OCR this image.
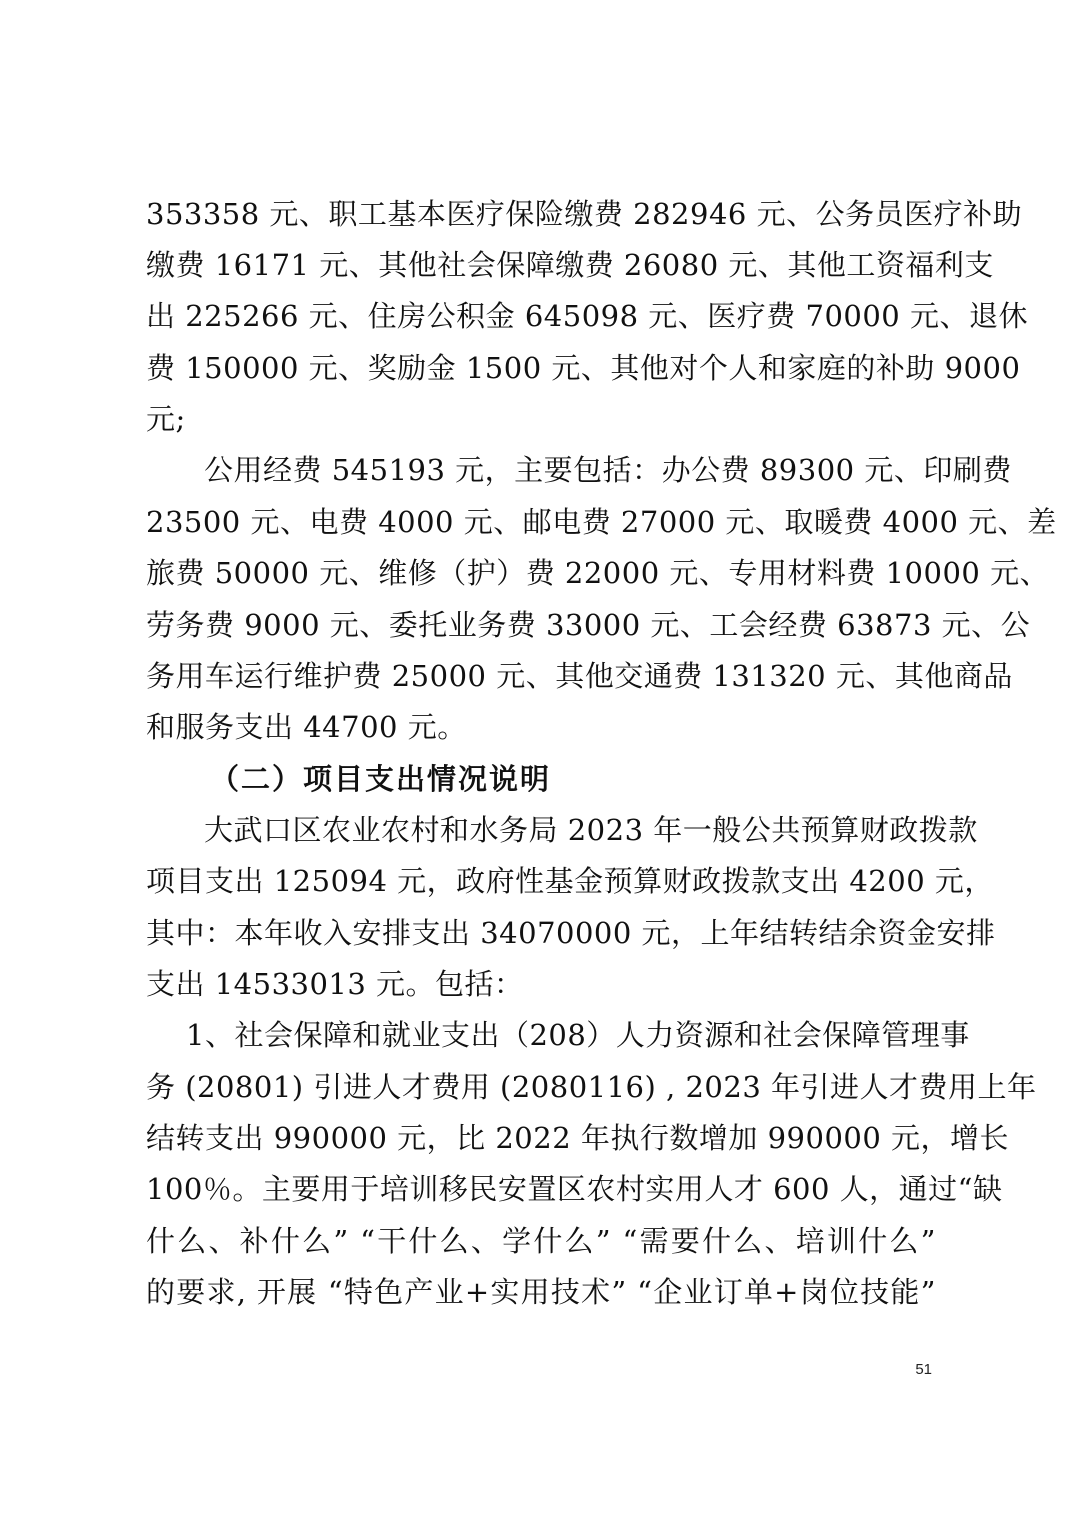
353358 元、职工基本医疗保险缴费 282946 元、公务员医疗补助
缴费 16171 元、其他社会保障缴费 26080 元、其他工资福利支
出 225266 元、住房公积金 645098 元、医疗费 70000 元、退休
费 150000 元、奖励金 1500 元、其他对个人和家庭的补助 9000
元;
公用经费 545193 元，主要包括：办公费 89300 元、印刷费
23500 元、电费 4000 元、邮电费 27000 元、取暖费 4000 元、差
旅费 50000 元、维修（护）费 22000 元、专用材料费 10000 元、
劳务费 9000 元、委托业务费 33000 元、工会经费 63873 元、公
务用车运行维护费 25000 元、其他交通费 131320 元、其他商品
和服务支出 44700 元。
（二）项目支出情况说明
大武口区农业农村和水务局 2023 年一般公共预算财政拨款
项目支出 125094 元，政府性基金预算财政拨款支出 4200 元，
其中：本年收入安排支出 34070000 元，上年结转结余资金安排
支出 14533013 元。包括：
1、社会保障和就业支出（208）人力资源和社会保障管理事
务 (20801) 引进人才费用 (2080116) , 2023 年引进人才费用上年
结转支出 990000 元，比 2022 年执行数增加 990000 元，增长
100％。主要用于培训移民安置区农村实用人才 600 人，通过“缺
什么、补什么” “干什么、学什么” “需要什么、培训什么”
的要求, 开展 “特色产业+实用技术” “企业订单+岗位技能”
51
